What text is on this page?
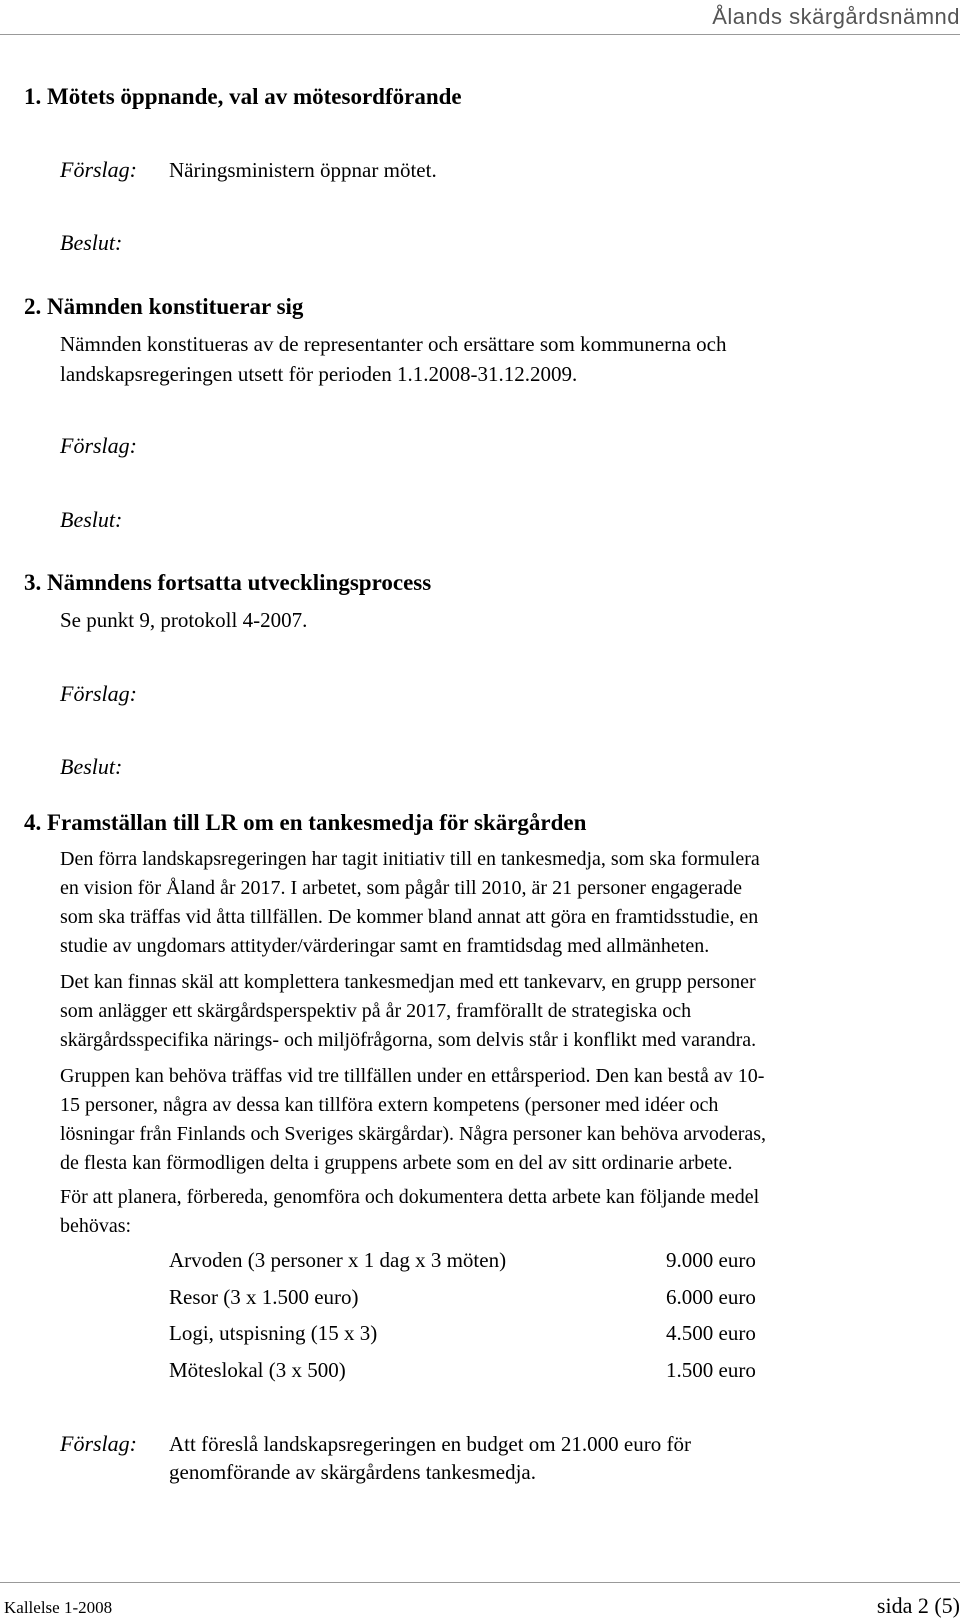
Ålands skärgårdsnämnd
1. Mötets öppnande, val av mötesordförande
Förslag: Näringsministern öppnar mötet.
Beslut:
2. Nämnden konstituerar sig
Nämnden konstitueras av de representanter och ersättare som kommunerna och
landskapsregeringen utsett för perioden 1.1.2008-31.12.2009.
Förslag:
Beslut:
3. Nämndens fortsatta utvecklingsprocess
Se punkt 9, protokoll 4-2007.
Förslag:
Beslut:
4. Framställan till LR om en tankesmedja för skärgården

Den förra landskapsregeringen har tagit initiativ till en tankesmedja, som ska formulera

en vision för Åland år 2017. I arbetet, som pågår till 2010, är 21 personer engagerade

som ska träffas vid åtta tillfällen. De kommer bland annat att göra en framtidsstudie, en

studie av ungdomars attityder/värderingar samt en framtidsdag med allmänheten.

Det kan finnas skäl att komplettera tankesmedjan med ett tankevarv, en grupp personer

som anlägger ett skärgårdsperspektiv på år 2017, framförallt de strategiska och

skärgårdsspecifika närings- och miljöfrågorna, som delvis står i konflikt med varandra.

Gruppen kan behöva träffas vid tre tillfällen under en ettårsperiod. Den kan bestå av 10-

15 personer, några av dessa kan tillföra extern kompetens (personer med idéer och

lösningar från Finlands och Sveriges skärgårdar). Några personer kan behöva arvoderas,

de flesta kan förmodligen delta i gruppens arbete som en del av sitt ordinarie arbete.

För att planera, förbereda, genomföra och dokumentera detta arbete kan följande medel

behövas:

Arvoden (3 personer x 1 dag x 3 möten)	9.000 euro
Resor (3 x 1.500 euro)	6.000 euro
Logi, utspisning (15 x 3)	4.500 euro
Möteslokal (3 x 500)	1.500 euro
Förslag: Att föreslå landskapsregeringen en budget om 21.000 euro för
genomförande av skärgårdens tankesmedja.
Kallelse 1-2008	sida 2 (5)
